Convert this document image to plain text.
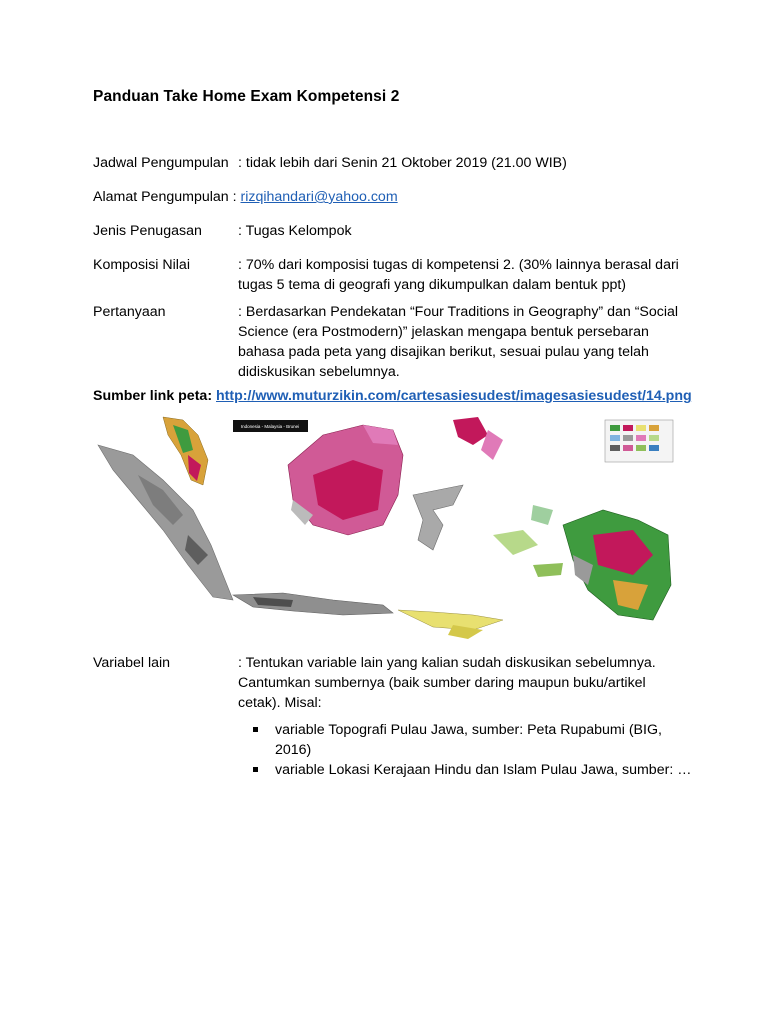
Panduan Take Home Exam Kompetensi 2
Jadwal Pengumpulan : tidak lebih dari Senin 21 Oktober 2019 (21.00 WIB)
Alamat Pengumpulan : rizqihandari@yahoo.com
Jenis Penugasan	: Tugas Kelompok
Komposisi Nilai	: 70% dari komposisi tugas di kompetensi 2. (30% lainnya berasal dari tugas 5 tema di geografi yang dikumpulkan dalam bentuk ppt)
Pertanyaan	: Berdasarkan Pendekatan “Four Traditions in Geography” dan “Social Science (era Postmodern)” jelaskan mengapa bentuk persebaran bahasa pada peta yang disajikan berikut, sesuai pulau yang telah didiskusikan sebelumnya.
Sumber link peta: http://www.muturzikin.com/cartesasiesudest/imagesasiesudest/14.png
Indonesia - Malaysia - Brunei
Variabel lain	: Tentukan variable lain yang kalian sudah diskusikan sebelumnya. Cantumkan sumbernya (baik sumber daring maupun buku/artikel cetak). Misal:
variable Topografi Pulau Jawa, sumber: Peta Rupabumi (BIG, 2016)
variable Lokasi Kerajaan Hindu dan Islam Pulau Jawa, sumber: …
